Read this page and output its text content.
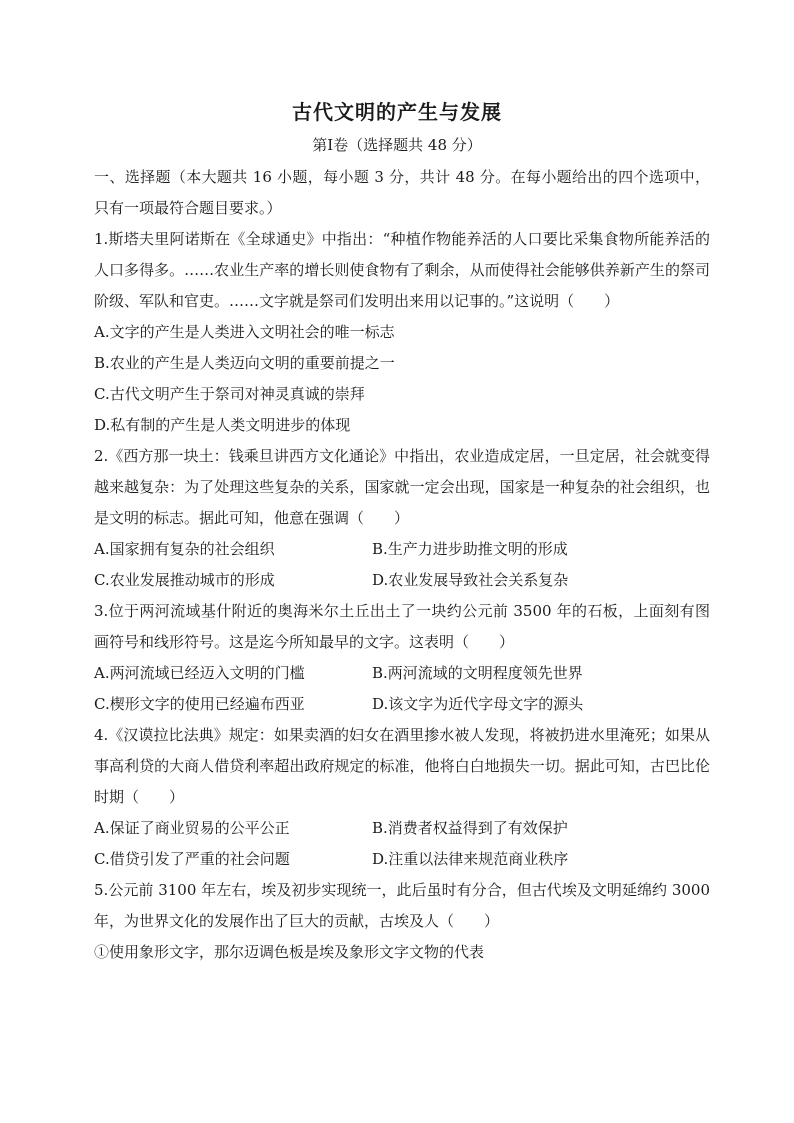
古代文明的产生与发展
第Ⅰ卷（选择题共 48 分）

一、选择题（本大题共 16 小题，每小题 3 分，共计 48 分。在每小题给出的四个选项中，只有一项最符合题目要求。）

1.斯塔夫里阿诺斯在《全球通史》中指出：“种植作物能养活的人口要比采集食物所能养活的人口多得多。……农业生产率的增长则使食物有了剩余，从而使得社会能够供养新产生的祭司阶级、军队和官吏。……文字就是祭司们发明出来用以记事的。”这说明（　　）

A.文字的产生是人类进入文明社会的唯一标志

B.农业的产生是人类迈向文明的重要前提之一

C.古代文明产生于祭司对神灵真诚的崇拜

D.私有制的产生是人类文明进步的体现

2.《西方那一块土：钱乘旦讲西方文化通论》中指出，农业造成定居，一旦定居，社会就变得越来越复杂：为了处理这些复杂的关系，国家就一定会出现，国家是一种复杂的社会组织，也是文明的标志。据此可知，他意在强调（　　）

A.国家拥有复杂的社会组织	B.生产力进步助推文明的形成
C.农业发展推动城市的形成	D.农业发展导致社会关系复杂

3.位于两河流域基什附近的奥海米尔土丘出土了一块约公元前 3500 年的石板，上面刻有图画符号和线形符号。这是迄今所知最早的文字。这表明（　　）

A.两河流域已经迈入文明的门槛	B.两河流域的文明程度领先世界
C.楔形文字的使用已经遍布西亚	D.该文字为近代字母文字的源头

4.《汉谟拉比法典》规定：如果卖酒的妇女在酒里掺水被人发现，将被扔进水里淹死；如果从事高利贷的大商人借贷利率超出政府规定的标准，他将白白地损失一切。据此可知，古巴比伦时期（　　）

A.保证了商业贸易的公平公正	B.消费者权益得到了有效保护
C.借贷引发了严重的社会问题	D.注重以法律来规范商业秩序

5.公元前 3100 年左右，埃及初步实现统一，此后虽时有分合，但古代埃及文明延绵约 3000 年，为世界文化的发展作出了巨大的贡献，古埃及人（　　）

①使用象形文字，那尔迈调色板是埃及象形文字文物的代表
